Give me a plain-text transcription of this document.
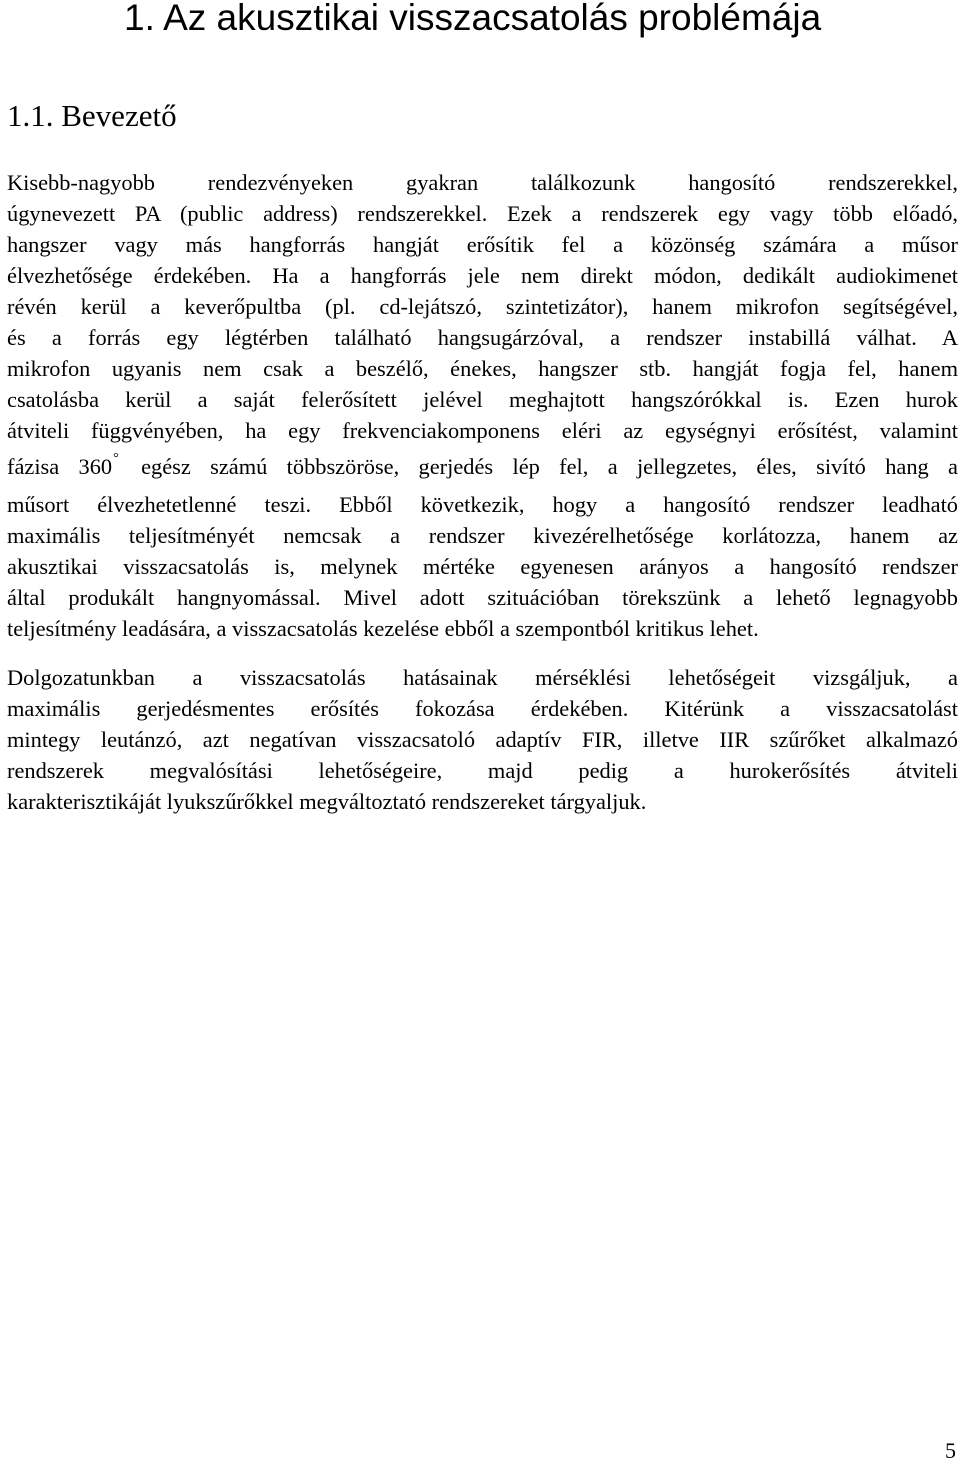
1. Az akusztikai visszacsatolás problémája
1.1. Bevezető
Kisebb-nagyobb rendezvényeken gyakran találkozunk hangosító rendszerekkel,
úgynevezett PA (public address) rendszerekkel. Ezek a rendszerek egy vagy több előadó,
hangszer vagy más hangforrás hangját erősítik fel a közönség számára a műsor
élvezhetősége érdekében. Ha a hangforrás jele nem direkt módon, dedikált audiokimenet
révén kerül a keverőpultba (pl. cd-lejátszó, szintetizátor), hanem mikrofon segítségével,
és a forrás egy légtérben található hangsugárzóval, a rendszer instabillá válhat. A
mikrofon ugyanis nem csak a beszélő, énekes, hangszer stb. hangját fogja fel, hanem
csatolásba kerül a saját felerősített jelével meghajtott hangszórókkal is. Ezen hurok
átviteli függvényében, ha egy frekvenciakomponens eléri az egységnyi erősítést, valamint
fázisa 360° egész számú többszöröse, gerjedés lép fel, a jellegzetes, éles, sivító hang a
műsort élvezhetetlenné teszi. Ebből következik, hogy a hangosító rendszer leadható
maximális teljesítményét nemcsak a rendszer kivezérelhetősége korlátozza, hanem az
akusztikai visszacsatolás is, melynek mértéke egyenesen arányos a hangosító rendszer
által produkált hangnyomással. Mivel adott szituációban törekszünk a lehető legnagyobb
teljesítmény leadására, a visszacsatolás kezelése ebből a szempontból kritikus lehet.
Dolgozatunkban a visszacsatolás hatásainak mérséklési lehetőségeit vizsgáljuk, a
maximális gerjedésmentes erősítés fokozása érdekében. Kitérünk a visszacsatolást
mintegy leutánzó, azt negatívan visszacsatoló adaptív FIR, illetve IIR szűrőket alkalmazó
rendszerek megvalósítási lehetőségeire, majd pedig a hurokerősítés átviteli
karakterisztikáját lyukszűrőkkel megváltoztató rendszereket tárgyaljuk.
5
